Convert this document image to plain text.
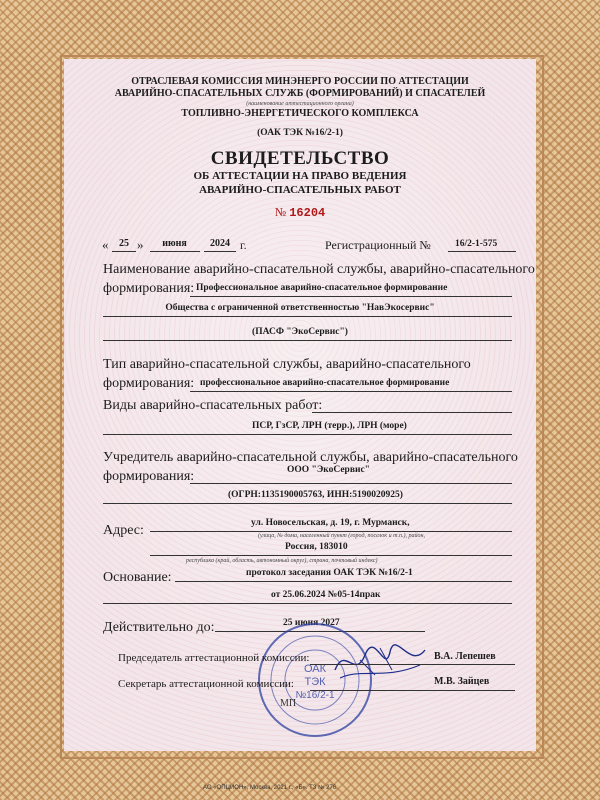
ОТРАСЛЕВАЯ КОМИССИЯ МИНЭНЕРГО РОССИИ ПО АТТЕСТАЦИИ
АВАРИЙНО-СПАСАТЕЛЬНЫХ СЛУЖБ (ФОРМИРОВАНИЙ) И СПАСАТЕЛЕЙ
(наименование аттестационного органа)
ТОПЛИВНО-ЭНЕРГЕТИЧЕСКОГО КОМПЛЕКСА
(ОАК ТЭК №16/2-1)
СВИДЕТЕЛЬСТВО
ОБ АТТЕСТАЦИИ НА ПРАВО ВЕДЕНИЯ
АВАРИЙНО-СПАСАТЕЛЬНЫХ РАБОТ
№ 16204
«	25 »	июня	2024 г.	Регистрационный №	16/2-1-575
Наименование аварийно-спасательной службы, аварийно-спасательного
формирования: Профессиональное аварийно-спасательное формирование
Общества с ограниченной ответственностью "НавЭкосервис"
(ПАСФ "ЭкоСервис")
Тип аварийно-спасательной службы, аварийно-спасательного
формирования: профессиональное аварийно-спасательное формирование
Виды аварийно-спасательных работ:
ПСР, ГзСР, ЛРН (терр.), ЛРН (море)
Учредитель аварийно-спасательной службы, аварийно-спасательного
формирования:	ООО "ЭкоСервис"
(ОГРН:1135190005763, ИНН:5190020925)
Адрес:	ул. Новосельская, д. 19, г. Мурманск,
(улица, № дома, населенный пункт (город, поселок и т.п.), район,
Россия, 183010
республика (край, область, автономный округ), страна, почтовый индекс)
Основание:	протокол заседания ОАК ТЭК №16/2-1
от 25.06.2024 №05-14прак
Действительно до:	25 июня 2027
ОАК
ТЭК
№16/2-1
Председатель аттестационной комиссии:	В.А. Лепешев
Секретарь аттестационной комиссии:	М.В. Зайцев
МП
АО «ОПЦИОН», Москва, 2021 г., «Б». ТЗ № 276.
